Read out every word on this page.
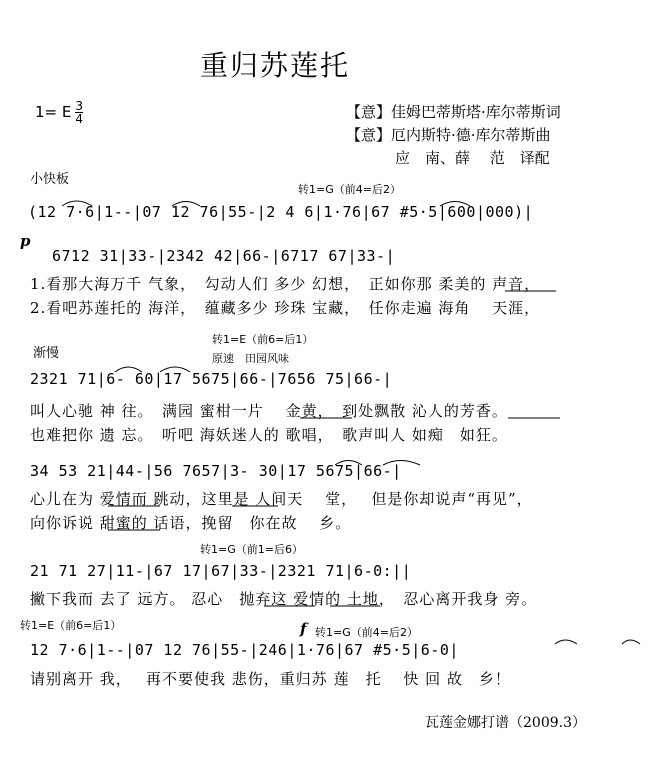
重归苏莲托
1= E $\frac{3}{4}$	【意】佳姆巴蒂斯塔·库尔蒂斯词
【意】厄内斯特·德·库尔蒂斯曲
应　南、薛　 范　译配
小快板
转1=G（前4=后2）
(12 7·6|1--|07 12 76|55-|2 4 6|1·76|67 #5·5|600|000)|
p
6712 31|33-|2342 42|66-|6717 67|33-|
1.看那大海万千 气象，　勾动人们 多少 幻想，　正如你那 柔美的 声音，
2.看吧苏莲托的 海洋，　蕴藏多少 珍珠 宝藏，　任你走遍 海角　 天涯，
转1=E（前6=后1）
渐慢	原速　田园风味
2321 71|6- 60|17 5675|66-|7656 75|66-|
叫人心驰 神 往。　满园 蜜柑一片　 金黄，　到处飘散 沁人的芳香。
也难把你 遗 忘。　听吧 海妖迷人的 歌唱，　歌声叫人 如痴　如狂。
34 53 21|44-|56 7657|3- 30|17 5675|66-|
心儿在为 爱情而 跳动，这里是 人间天　 堂，　 但是你却说声“再见”，
向你诉说 甜蜜的 话语，挽留　你在故　 乡。
转1=G（前1=后6）
21 71 27|11-|67 17|67|33-|2321 71|6-0:||
撇下我而 去了 远方。 忍心　抛弃这 爱情的 土地，　忍心离开我身 旁。
转1=E（前6=后1）	f 转1=G（前4=后2）
12 7·6|1--|07 12 76|55-|246|1·76|67 #5·5|6-0|
请别离开 我，　 再不要使我 悲伤，重归苏 莲　托　 快 回 故　乡！
瓦莲金娜打谱（2009.3）
